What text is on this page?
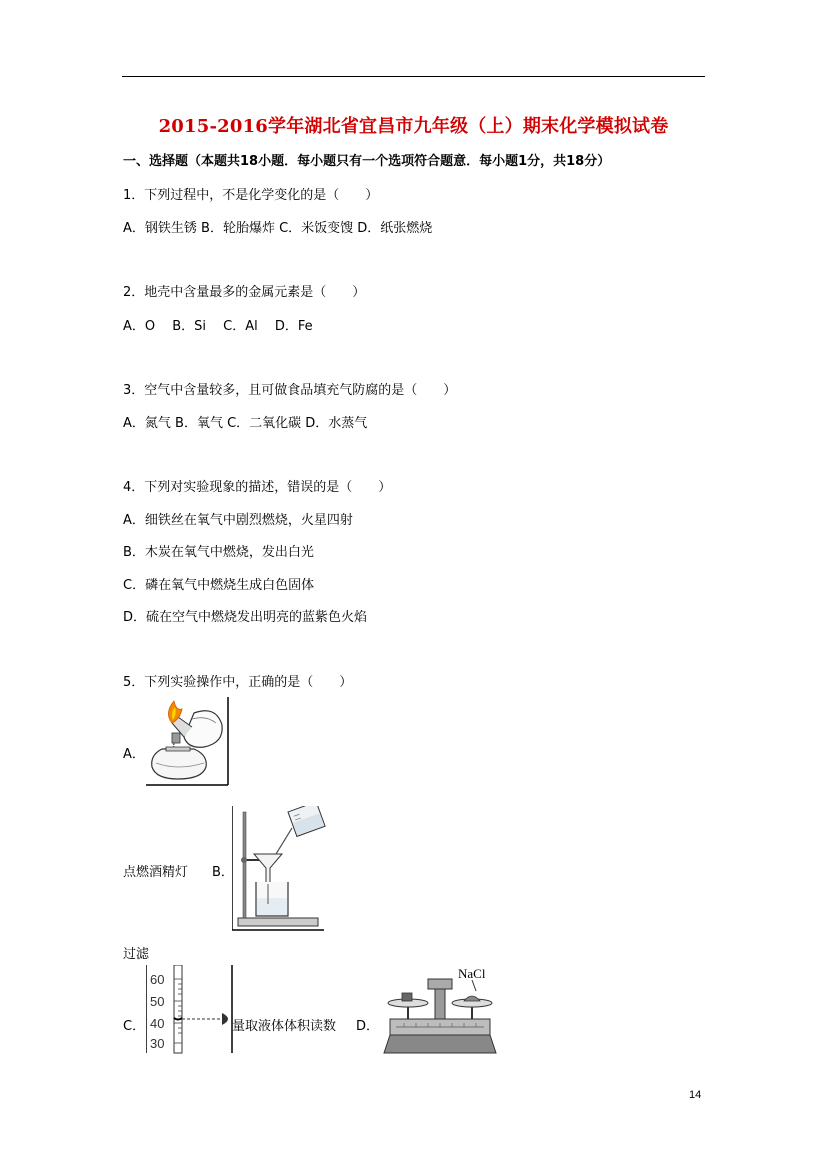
2015-2016学年湖北省宜昌市九年级（上）期末化学模拟试卷
一、选择题（本题共18小题．每小题只有一个选项符合题意．每小题1分，共18分）
1．下列过程中，不是化学变化的是（　　）
A．钢铁生锈 B．轮胎爆炸 C．米饭变馊 D．纸张燃烧
2．地壳中含量最多的金属元素是（　　）
A．O　 B．Si　 C．Al　 D．Fe
3．空气中含量较多，且可做食品填充气防腐的是（　　）
A．氮气 B．氧气 C．二氧化碳 D．水蒸气
4．下列对实验现象的描述，错误的是（　　）
A．细铁丝在氧气中剧烈燃烧，火星四射
B．木炭在氧气中燃烧，发出白光
C．磷在氧气中燃烧生成白色固体
D．硫在空气中燃烧发出明亮的蓝紫色火焰
5．下列实验操作中，正确的是（　　）
A．
点燃酒精灯 B．
过滤
C．
60
50
40
30
量取液体体积读数 D．
NaCl
14
